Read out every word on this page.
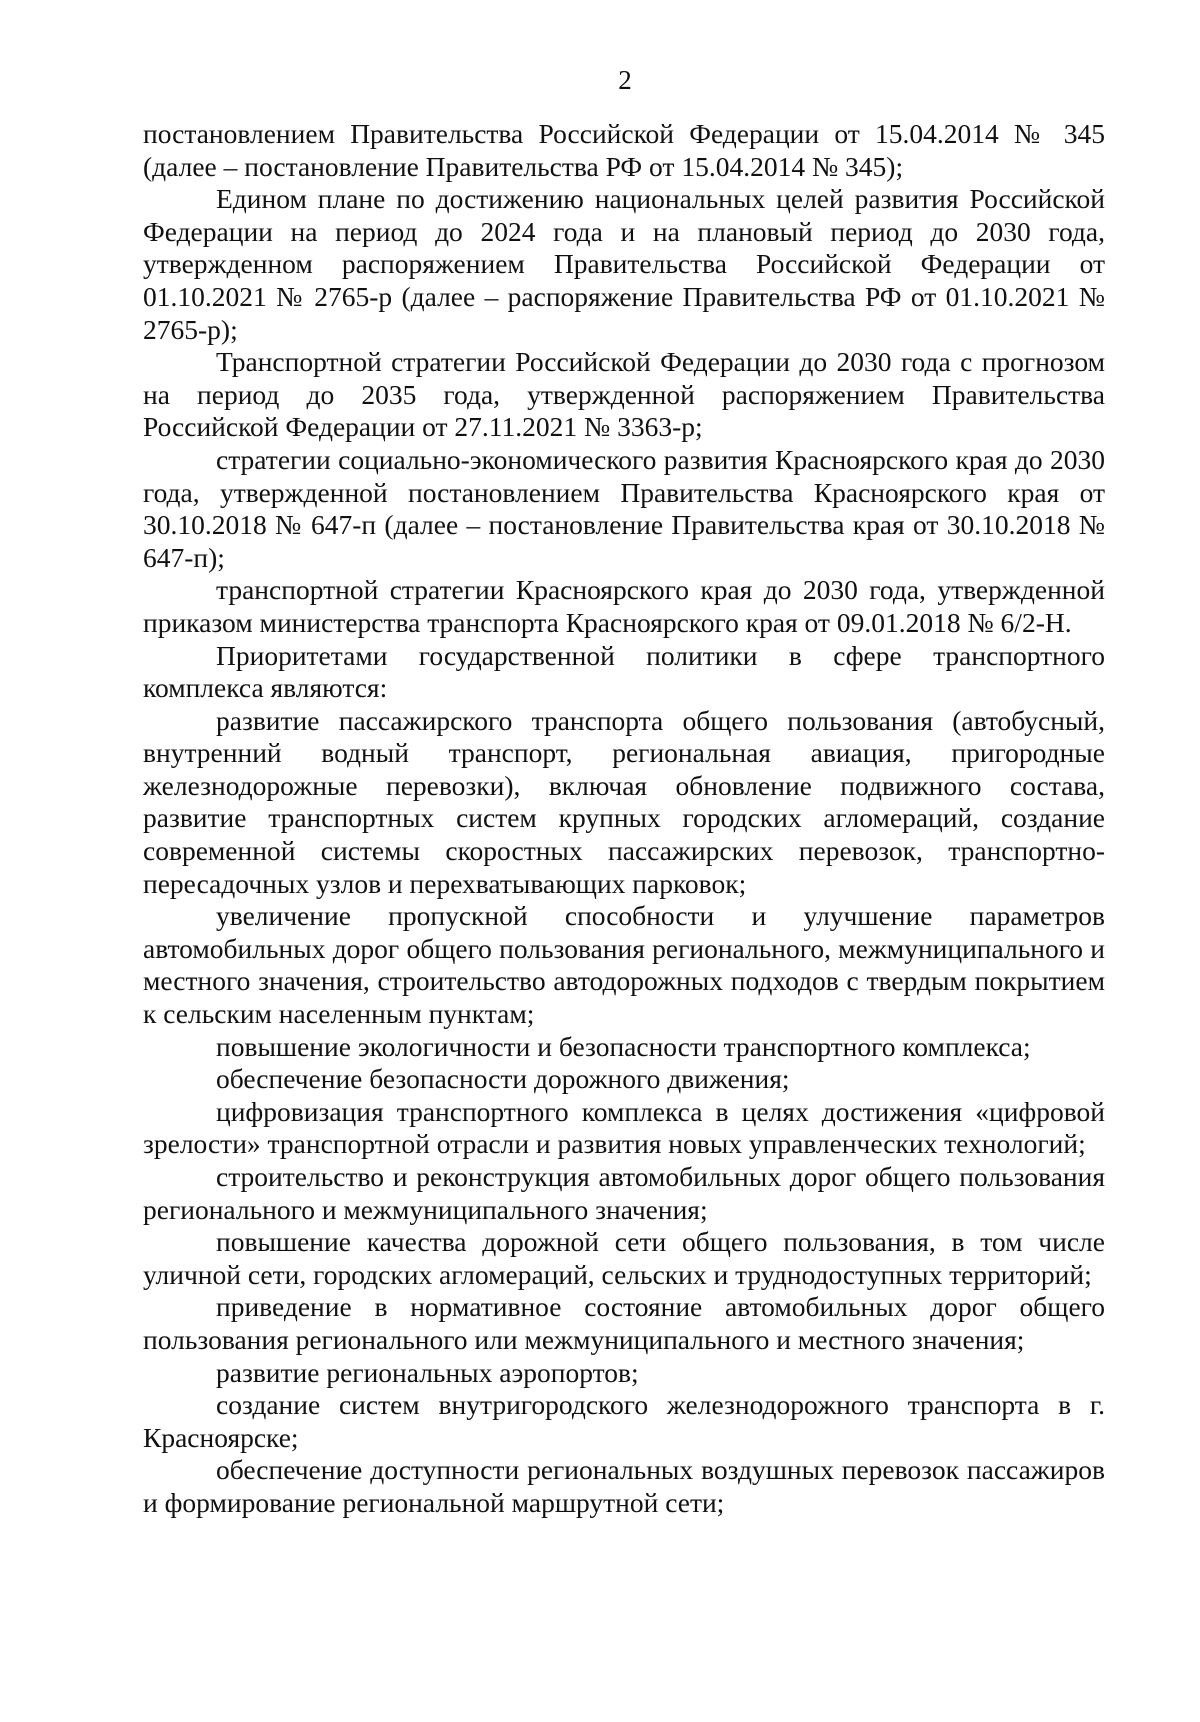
2

постановлением Правительства Российской Федерации от 15.04.2014 № 345 (далее – постановление Правительства РФ от 15.04.2014 № 345);

Едином плане по достижению национальных целей развития Российской Федерации на период до 2024 года и на плановый период до 2030 года, утвержденном распоряжением Правительства Российской Федерации от 01.10.2021 № 2765-р (далее – распоряжение Правительства РФ от 01.10.2021 № 2765-р);

Транспортной стратегии Российской Федерации до 2030 года с прогнозом на период до 2035 года, утвержденной распоряжением Правительства Российской Федерации от 27.11.2021 № 3363-р;

стратегии социально-экономического развития Красноярского края до 2030 года, утвержденной постановлением Правительства Красноярского края от 30.10.2018 № 647-п (далее – постановление Правительства края от 30.10.2018 № 647-п);

транспортной стратегии Красноярского края до 2030 года, утвержденной приказом министерства транспорта Красноярского края от 09.01.2018 № 6/2-Н.

Приоритетами государственной политики в сфере транспортного комплекса являются:

развитие пассажирского транспорта общего пользования (автобусный, внутренний водный транспорт, региональная авиация, пригородные железнодорожные перевозки), включая обновление подвижного состава, развитие транспортных систем крупных городских агломераций, создание современной системы скоростных пассажирских перевозок, транспортно-пересадочных узлов и перехватывающих парковок;

увеличение пропускной способности и улучшение параметров автомобильных дорог общего пользования регионального, межмуниципального и местного значения, строительство автодорожных подходов с твердым покрытием к сельским населенным пунктам;

повышение экологичности и безопасности транспортного комплекса;

обеспечение безопасности дорожного движения;

цифровизация транспортного комплекса в целях достижения «цифровой зрелости» транспортной отрасли и развития новых управленческих технологий;

строительство и реконструкция автомобильных дорог общего пользования регионального и межмуниципального значения;

повышение качества дорожной сети общего пользования, в том числе уличной сети, городских агломераций, сельских и труднодоступных территорий;

приведение в нормативное состояние автомобильных дорог общего пользования регионального или межмуниципального и местного значения;

развитие региональных аэропортов;

создание систем внутригородского железнодорожного транспорта в г. Красноярске;

обеспечение доступности региональных воздушных перевозок пассажиров и формирование региональной маршрутной сети;
